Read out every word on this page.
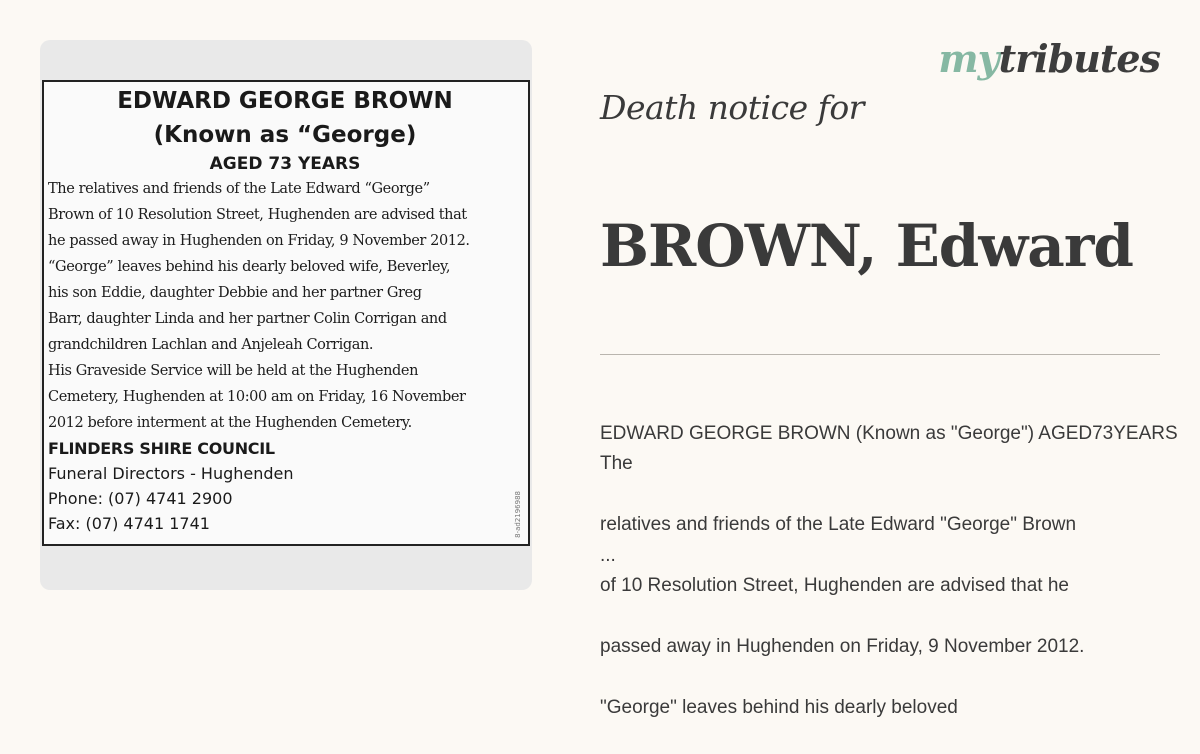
EDWARD GEORGE BROWN

(Known as “George)

AGED 73 YEARS

The relatives and friends of the Late Edward “George”

Brown of 10 Resolution Street, Hughenden are advised that

he passed away in Hughenden on Friday, 9 November 2012.

“George” leaves behind his dearly beloved wife, Beverley,

his son Eddie, daughter Debbie and her partner Greg

Barr, daughter Linda and her partner Colin Corrigan and

grandchildren Lachlan and Anjeleah Corrigan.

His Graveside Service will be held at the Hughenden

Cemetery, Hughenden at 10:00 am on Friday, 16 November

2012 before interment at the Hughenden Cemetery.

FLINDERS SHIRE COUNCIL

Funeral Directors - Hughenden

Phone: (07) 4741 2900

Fax: (07) 4741 1741	8-ad2196988
mytributes

Death notice for

BROWN, Edward

EDWARD GEORGE BROWN (Known as "George") AGED73YEARS The

relatives and friends of the Late Edward "George" Brown

of 10 Resolution Street, Hughenden are advised that he

passed away in Hughenden on Friday, 9 November 2012.

"George" leaves behind his dearly beloved

...
